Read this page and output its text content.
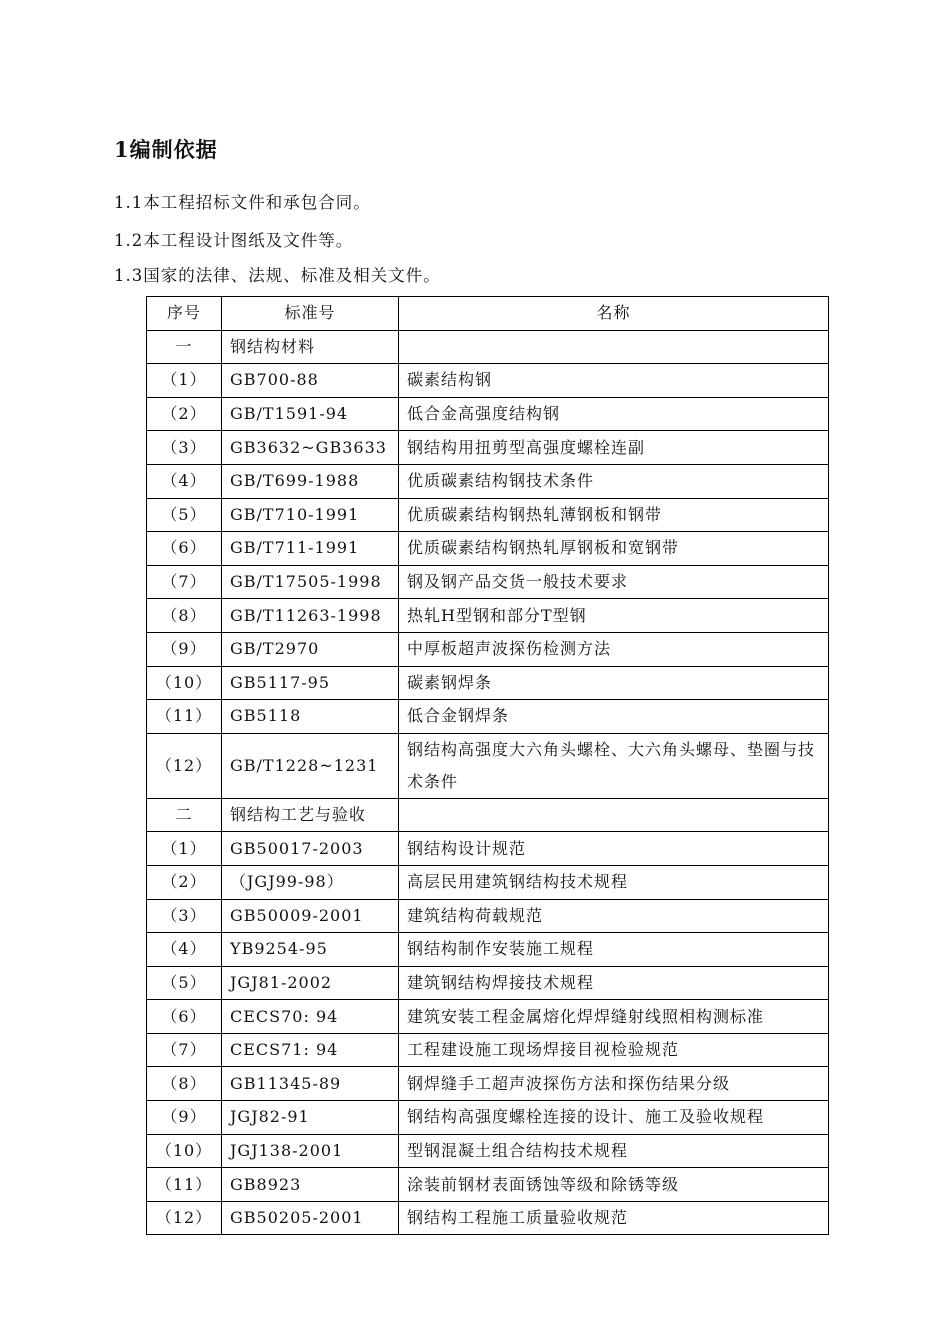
1编制依据

1.1本工程招标文件和承包合同。

1.2本工程设计图纸及文件等。

1.3国家的法律、法规、标准及相关文件。

序号	标准号	名称
一	钢结构材料	
（1）	GB700-88	碳素结构钢
（2）	GB/T1591-94	低合金高强度结构钢
（3）	GB3632~GB3633	钢结构用扭剪型高强度螺栓连副
（4）	GB/T699-1988	优质碳素结构钢技术条件
（5）	GB/T710-1991	优质碳素结构钢热轧薄钢板和钢带
（6）	GB/T711-1991	优质碳素结构钢热轧厚钢板和宽钢带
（7）	GB/T17505-1998	钢及钢产品交货一般技术要求
（8）	GB/T11263-1998	热轧H型钢和部分T型钢
（9）	GB/T2970	中厚板超声波探伤检测方法
（10）	GB5117-95	碳素钢焊条
（11）	GB5118	低合金钢焊条
（12）	GB/T1228~1231	钢结构高强度大六角头螺栓、大六角头螺母、垫圈与技术条件
二	钢结构工艺与验收	
（1）	GB50017-2003	钢结构设计规范
（2）	（JGJ99-98）	高层民用建筑钢结构技术规程
（3）	GB50009-2001	建筑结构荷载规范
（4）	YB9254-95	钢结构制作安装施工规程
（5）	JGJ81-2002	建筑钢结构焊接技术规程
（6）	CECS70: 94	建筑安装工程金属熔化焊焊缝射线照相构测标准
（7）	CECS71: 94	工程建设施工现场焊接目视检验规范
（8）	GB11345-89	钢焊缝手工超声波探伤方法和探伤结果分级
（9）	JGJ82-91	钢结构高强度螺栓连接的设计、施工及验收规程
（10）	JGJ138-2001	型钢混凝土组合结构技术规程
（11）	GB8923	涂装前钢材表面锈蚀等级和除锈等级
（12）	GB50205-2001	钢结构工程施工质量验收规范
